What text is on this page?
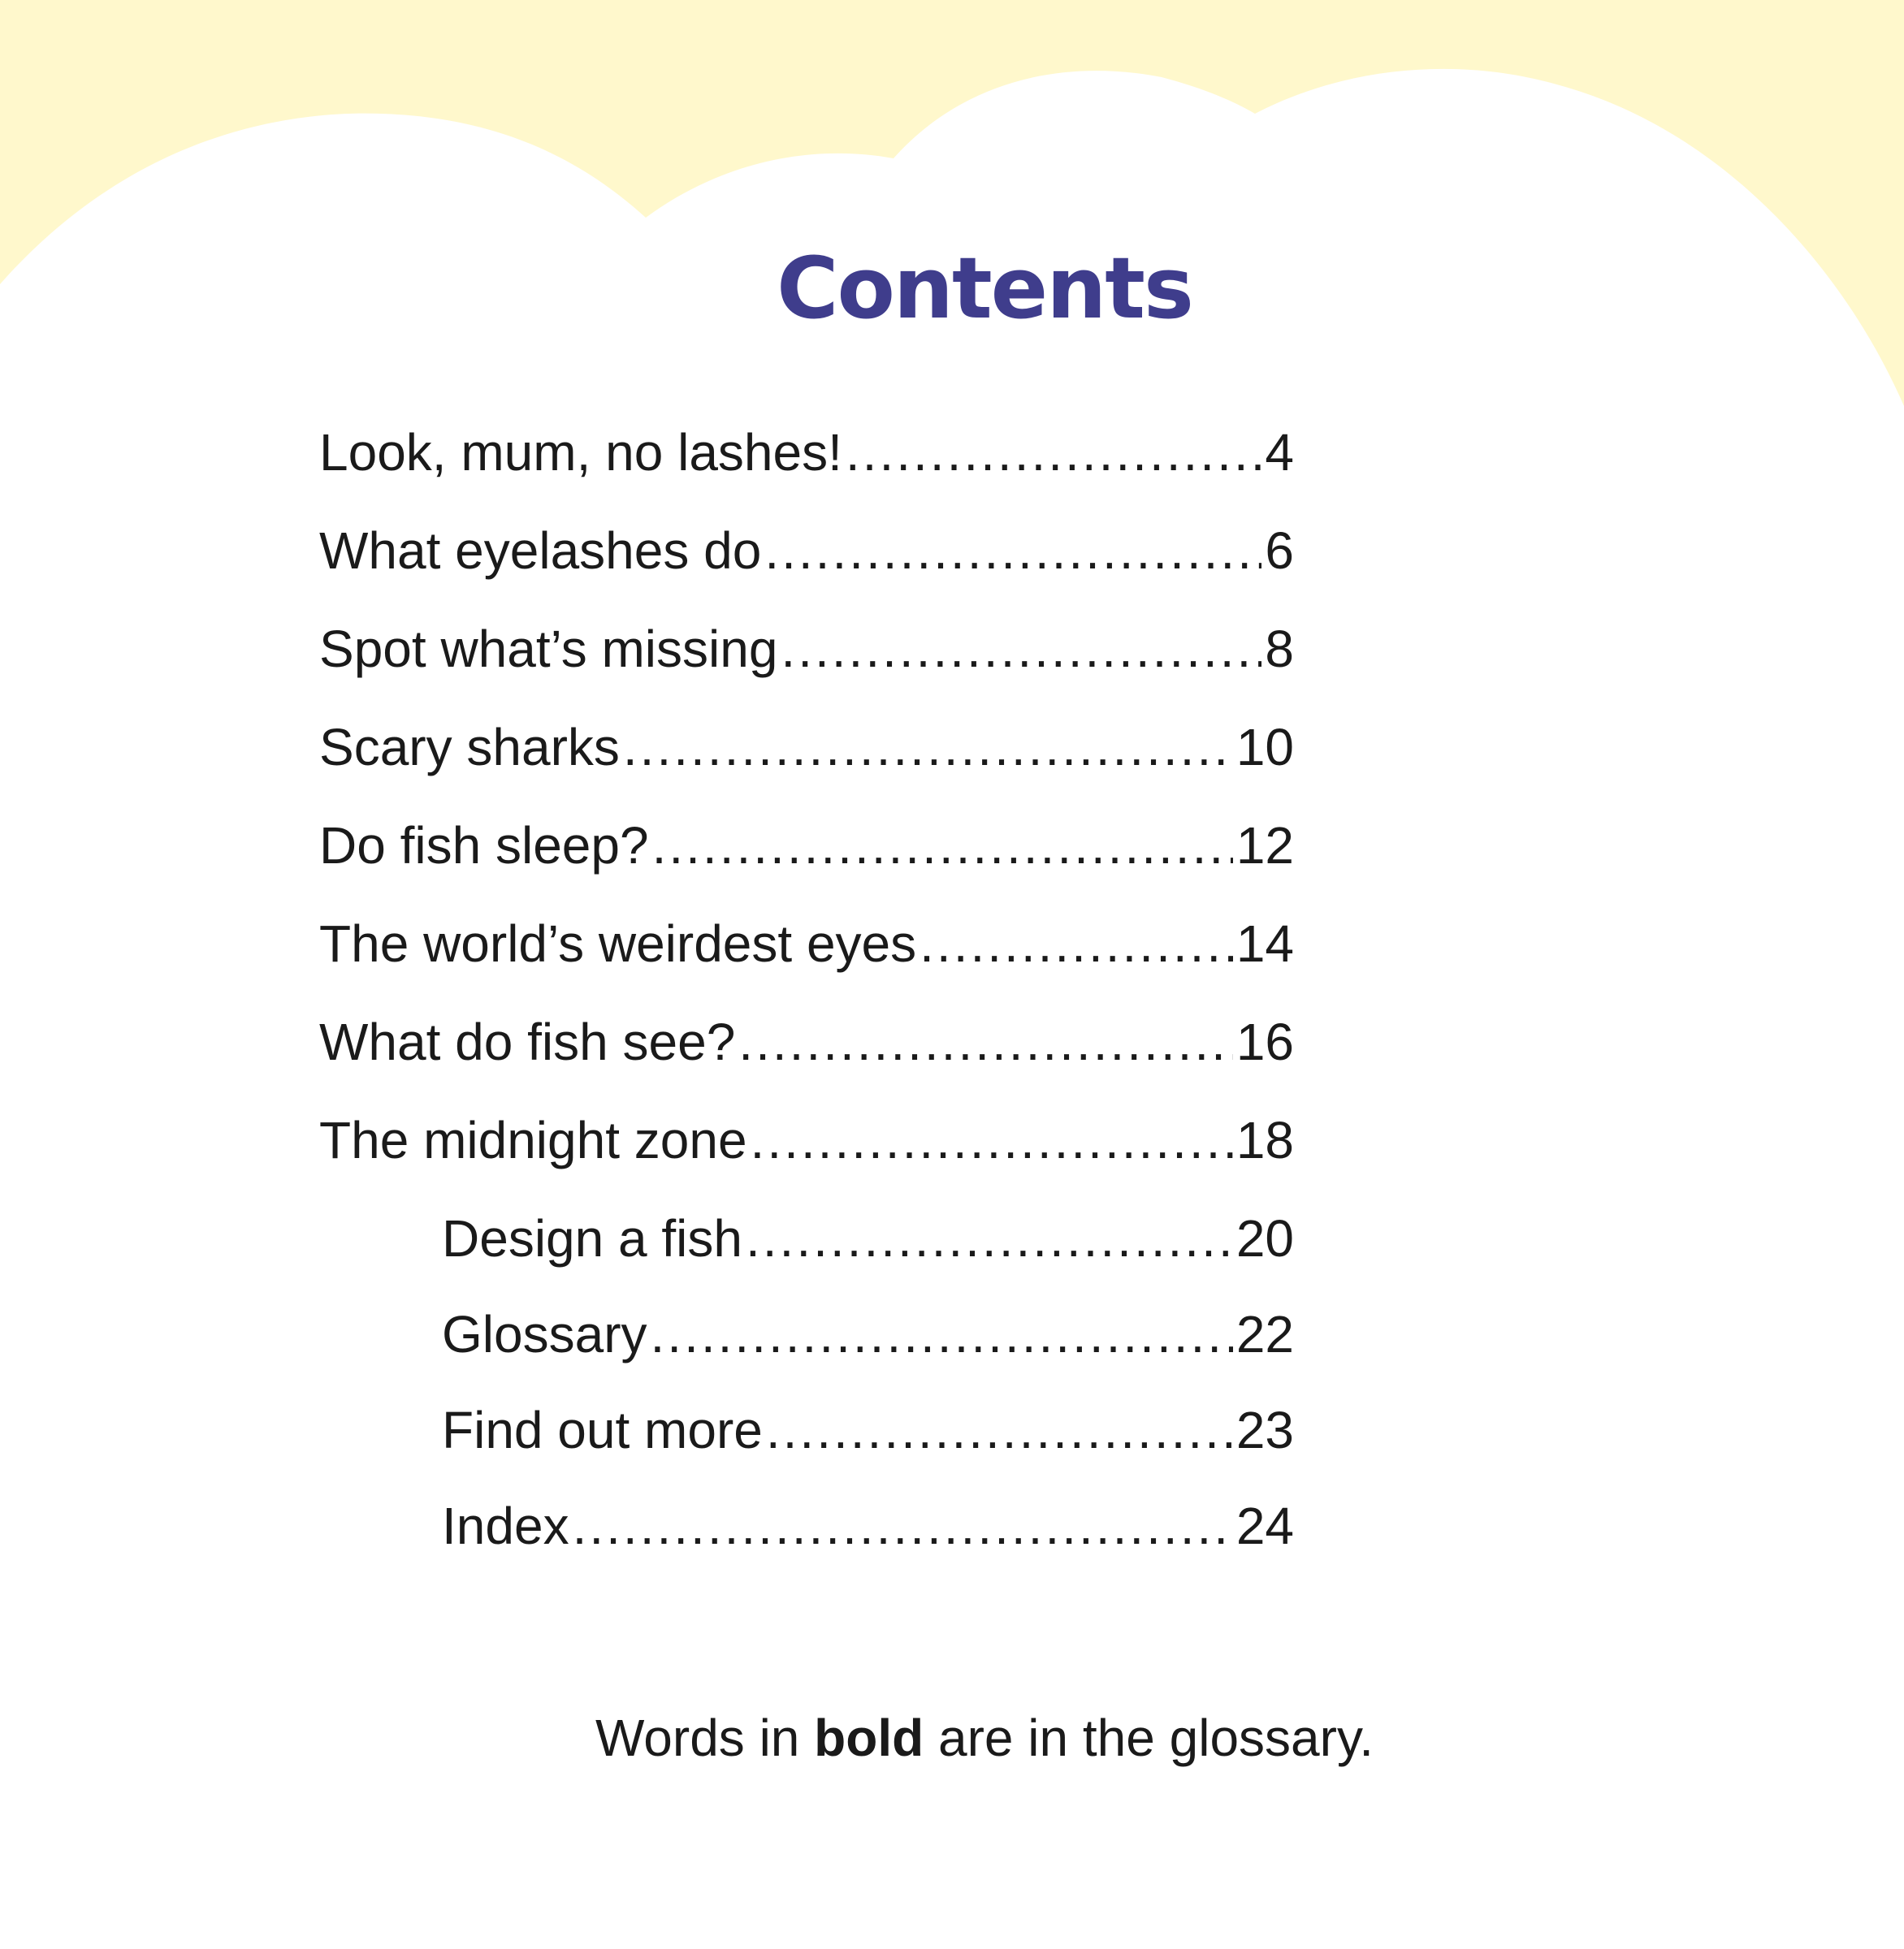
Contents
Look, mum, no lashes! .....	4
What eyelashes do .....	6
Spot what’s missing .....	8
Scary sharks .....	10
Do fish sleep? .....	12
The world’s weirdest eyes .....	14
What do fish see? .....	16
The midnight zone .....	18
Design a fish .....	20
Glossary .....	22
Find out more .....	23
Index .....	24
Words in bold are in the glossary.
